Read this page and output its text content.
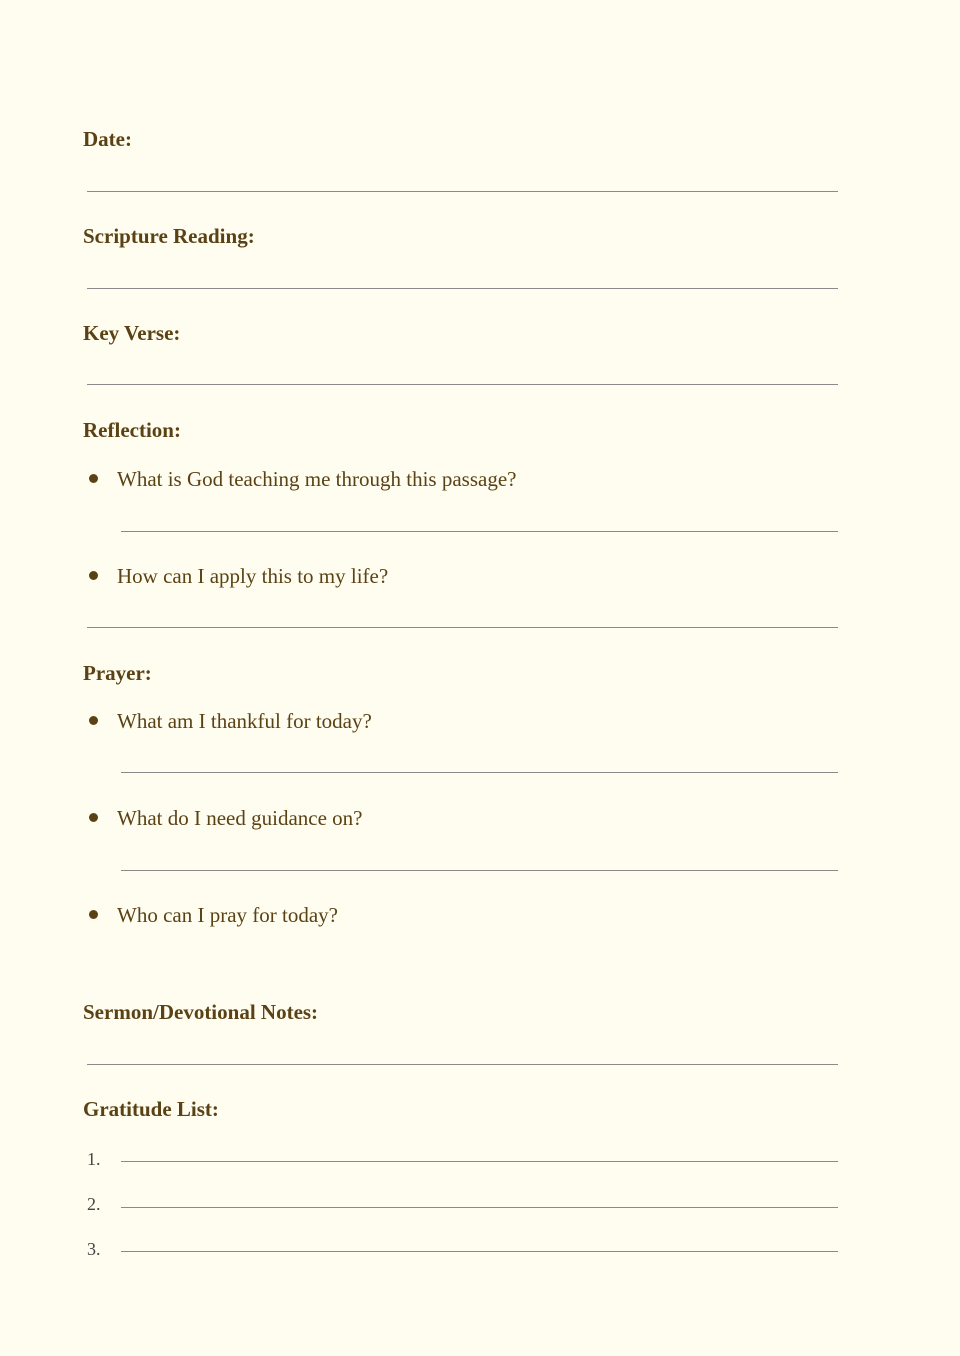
Date:
Scripture Reading:
Key Verse:
Reflection:
What is God teaching me through this passage?
How can I apply this to my life?
Prayer:
What am I thankful for today?
What do I need guidance on?
Who can I pray for today?
Sermon/Devotional Notes:
Gratitude List:
1.
2.
3.
